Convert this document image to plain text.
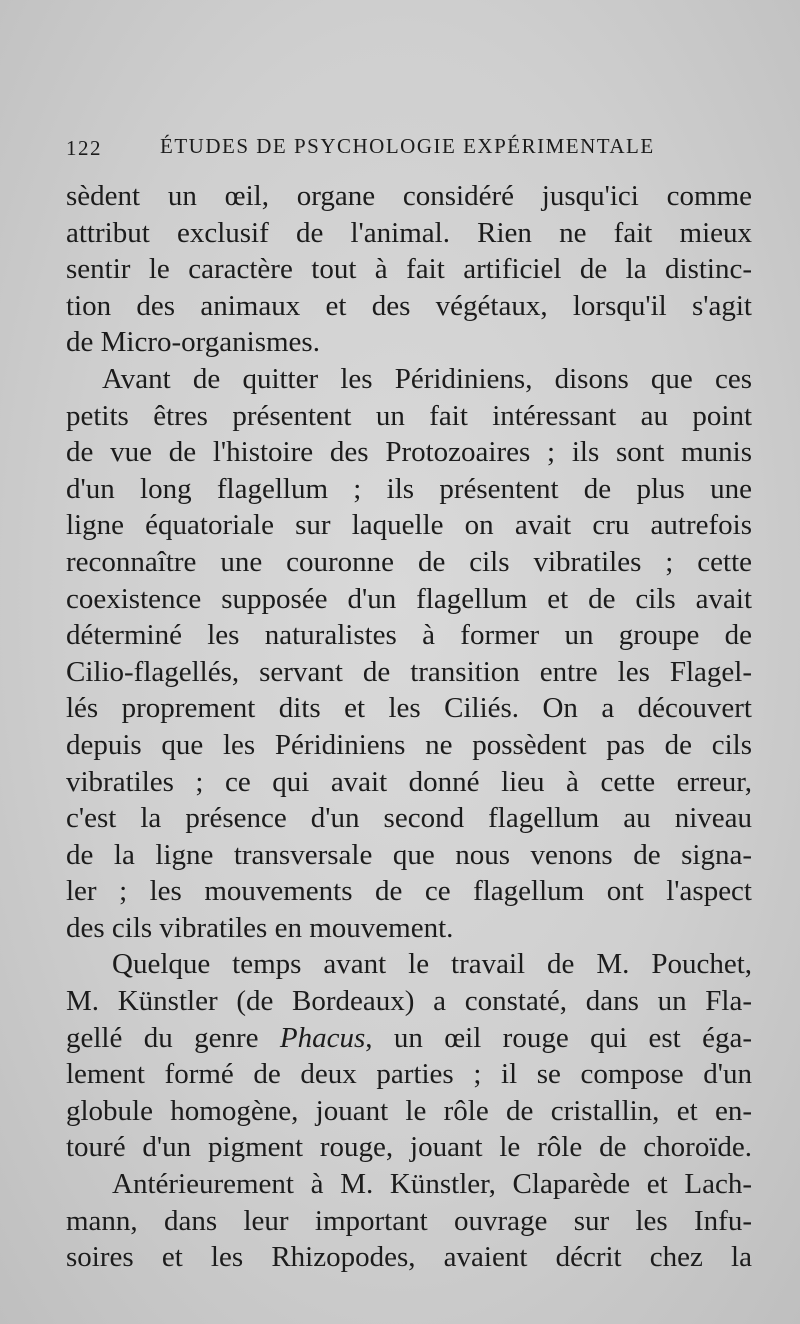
122	ÉTUDES DE PSYCHOLOGIE EXPÉRIMENTALE

sèdent un œil, organe considéré jusqu'ici comme
attribut exclusif de l'animal. Rien ne fait mieux
sentir le caractère tout à fait artificiel de la distinc-
tion des animaux et des végétaux, lorsqu'il s'agit
de Micro-organismes.

Avant de quitter les Péridiniens, disons que ces
petits êtres présentent un fait intéressant au point
de vue de l'histoire des Protozoaires ; ils sont munis
d'un long flagellum ; ils présentent de plus une
ligne équatoriale sur laquelle on avait cru autrefois
reconnaître une couronne de cils vibratiles ; cette
coexistence supposée d'un flagellum et de cils avait
déterminé les naturalistes à former un groupe de
Cilio-flagellés, servant de transition entre les Flagel-
lés proprement dits et les Ciliés. On a découvert
depuis que les Péridiniens ne possèdent pas de cils
vibratiles ; ce qui avait donné lieu à cette erreur,
c'est la présence d'un second flagellum au niveau
de la ligne transversale que nous venons de signa-
ler ; les mouvements de ce flagellum ont l'aspect
des cils vibratiles en mouvement.

Quelque temps avant le travail de M. Pouchet,
M. Künstler (de Bordeaux) a constaté, dans un Fla-
gellé du genre Phacus, un œil rouge qui est éga-
lement formé de deux parties ; il se compose d'un
globule homogène, jouant le rôle de cristallin, et en-
touré d'un pigment rouge, jouant le rôle de choroïde.

Antérieurement à M. Künstler, Claparède et Lach-
mann, dans leur important ouvrage sur les Infu-
soires et les Rhizopodes, avaient décrit chez la
